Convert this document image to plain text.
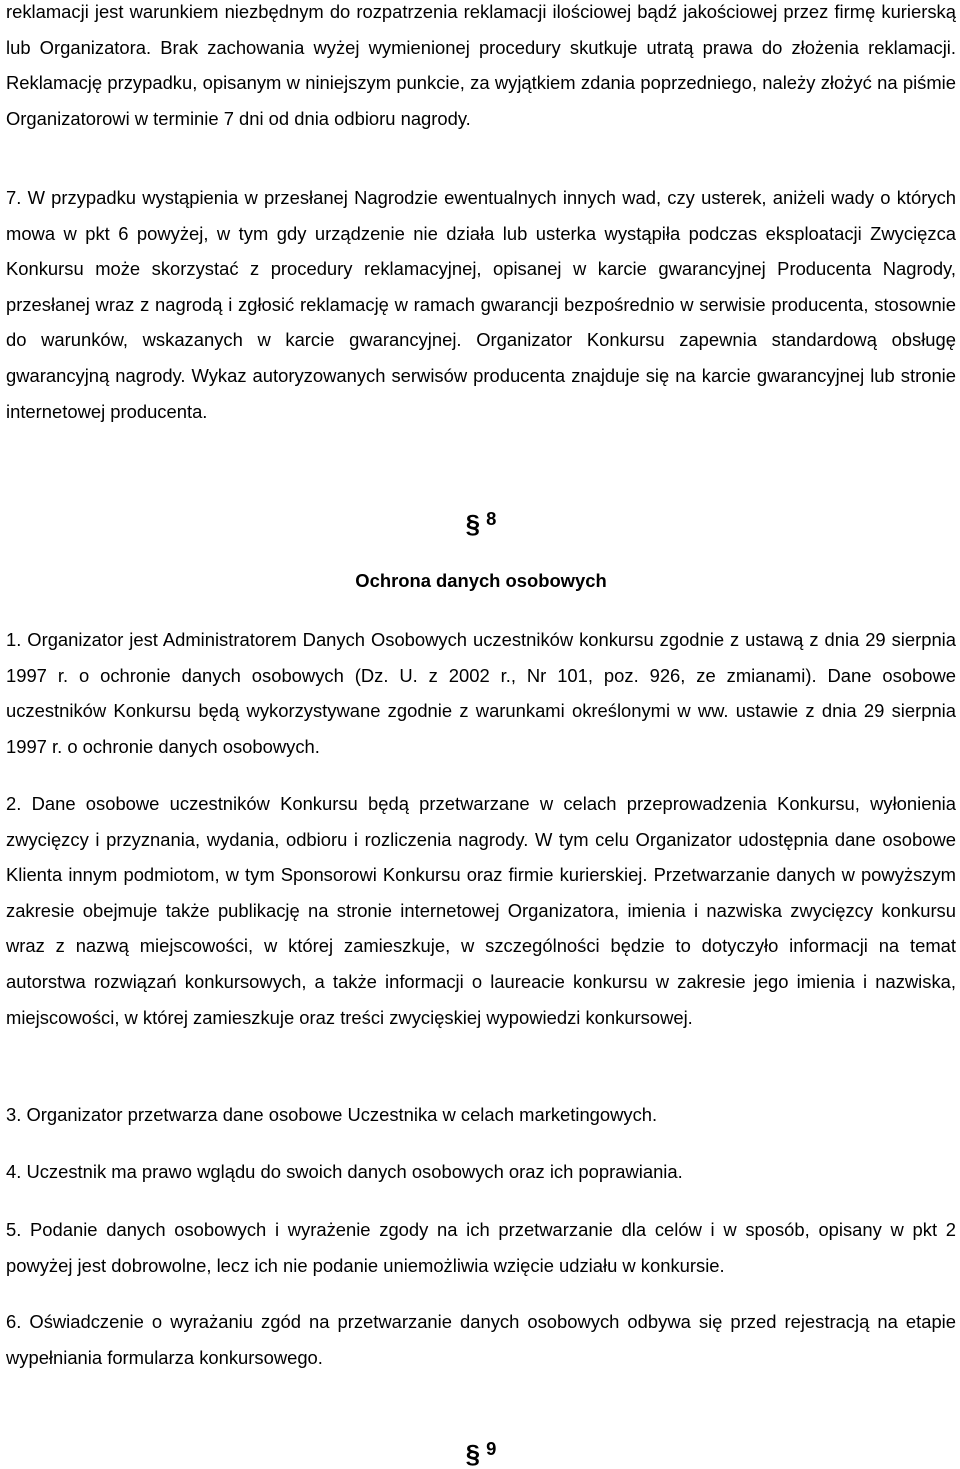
reklamacji jest warunkiem niezbędnym do rozpatrzenia reklamacji ilościowej bądź jakościowej przez firmę kurierską lub Organizatora. Brak zachowania wyżej wymienionej procedury skutkuje utratą prawa do złożenia reklamacji. Reklamację przypadku, opisanym w niniejszym punkcie, za wyjątkiem zdania poprzedniego, należy złożyć na piśmie Organizatorowi w terminie 7 dni od dnia odbioru nagrody.

7. W przypadku wystąpienia w przesłanej Nagrodzie ewentualnych innych wad, czy usterek, aniżeli wady o których mowa w pkt 6 powyżej, w tym gdy urządzenie nie działa lub usterka wystąpiła podczas eksploatacji Zwycięzca Konkursu może skorzystać z procedury reklamacyjnej, opisanej w karcie gwarancyjnej Producenta Nagrody, przesłanej wraz z nagrodą i zgłosić reklamację w ramach gwarancji bezpośrednio w serwisie producenta, stosownie do warunków, wskazanych w karcie gwarancyjnej. Organizator Konkursu zapewnia standardową obsługę gwarancyjną nagrody. Wykaz autoryzowanych serwisów producenta znajduje się na karcie gwarancyjnej lub stronie internetowej producenta.

§ 8
Ochrona danych osobowych

1. Organizator jest Administratorem Danych Osobowych uczestników konkursu zgodnie z ustawą z dnia 29 sierpnia 1997 r. o ochronie danych osobowych (Dz. U. z 2002 r., Nr 101, poz. 926, ze zmianami). Dane osobowe uczestników Konkursu będą wykorzystywane zgodnie z warunkami określonymi w ww. ustawie z dnia 29 sierpnia 1997 r. o ochronie danych osobowych.

2. Dane osobowe uczestników Konkursu będą przetwarzane w celach przeprowadzenia Konkursu, wyłonienia zwycięzcy i przyznania, wydania, odbioru i rozliczenia nagrody. W tym celu Organizator udostępnia dane osobowe Klienta innym podmiotom, w tym Sponsorowi Konkursu oraz firmie kurierskiej. Przetwarzanie danych w powyższym zakresie obejmuje także publikację na stronie internetowej Organizatora, imienia i nazwiska zwycięzcy konkursu wraz z nazwą miejscowości, w której zamieszkuje, w szczególności będzie to dotyczyło informacji na temat autorstwa rozwiązań konkursowych, a także informacji o laureacie konkursu w zakresie jego imienia i nazwiska, miejscowości, w której zamieszkuje oraz treści zwycięskiej wypowiedzi konkursowej.

3. Organizator przetwarza dane osobowe Uczestnika w celach marketingowych.

4. Uczestnik ma prawo wglądu do swoich danych osobowych oraz ich poprawiania.

5. Podanie danych osobowych i wyrażenie zgody na ich przetwarzanie dla celów i w sposób, opisany w pkt 2 powyżej jest dobrowolne, lecz ich nie podanie uniemożliwia wzięcie udziału w konkursie.

6. Oświadczenie o wyrażaniu zgód na przetwarzanie danych osobowych odbywa się przed rejestracją na etapie wypełniania formularza konkursowego.

§ 9
